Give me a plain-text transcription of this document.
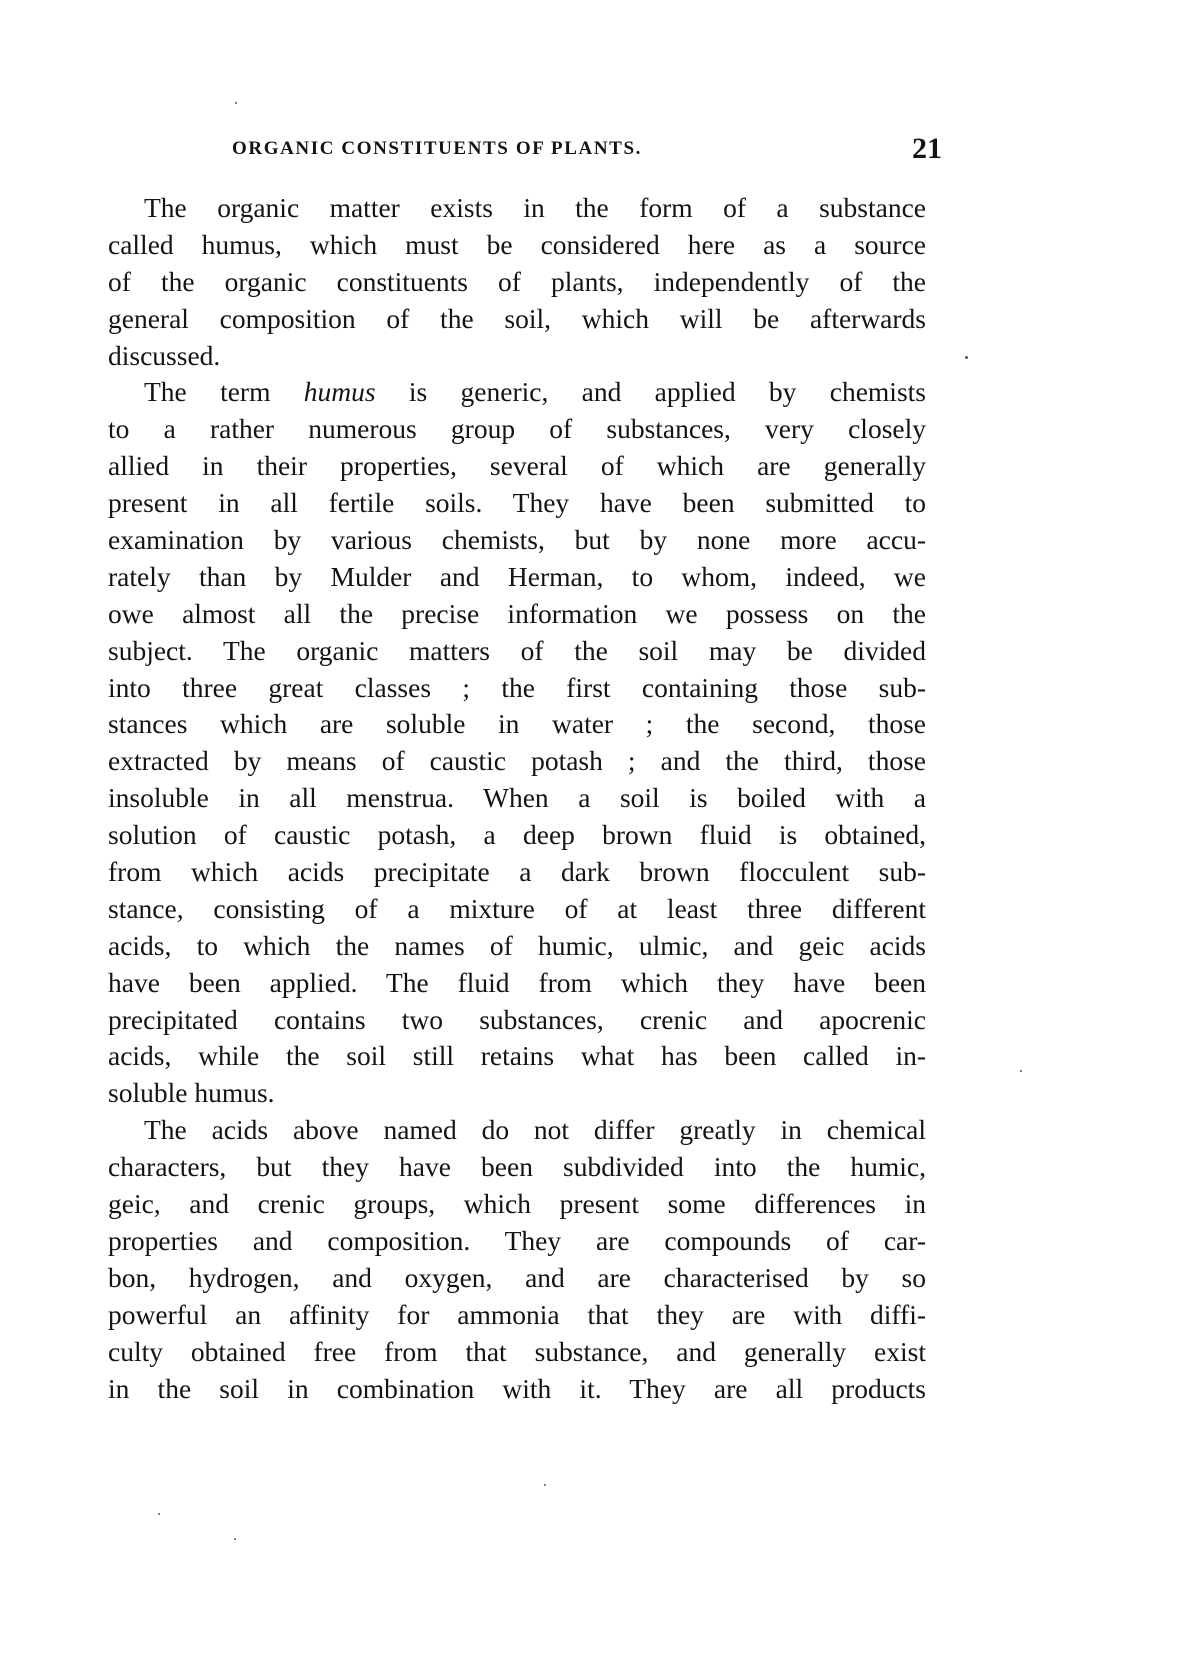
ORGANIC CONSTITUENTS OF PLANTS.	21
The organic matter exists in the form of a substance
called humus, which must be considered here as a source
of the organic constituents of plants, independently of the
general composition of the soil, which will be afterwards
discussed.
The term humus is generic, and applied by chemists
to a rather numerous group of substances, very closely
allied in their properties, several of which are generally
present in all fertile soils. They have been submitted to
examination by various chemists, but by none more accu-
rately than by Mulder and Herman, to whom, indeed, we
owe almost all the precise information we possess on the
subject. The organic matters of the soil may be divided
into three great classes ; the first containing those sub-
stances which are soluble in water ; the second, those
extracted by means of caustic potash ; and the third, those
insoluble in all menstrua. When a soil is boiled with a
solution of caustic potash, a deep brown fluid is obtained,
from which acids precipitate a dark brown flocculent sub-
stance, consisting of a mixture of at least three different
acids, to which the names of humic, ulmic, and geic acids
have been applied. The fluid from which they have been
precipitated contains two substances, crenic and apocrenic
acids, while the soil still retains what has been called in-
soluble humus.
The acids above named do not differ greatly in chemical
characters, but they have been subdivided into the humic,
geic, and crenic groups, which present some differences in
properties and composition. They are compounds of car-
bon, hydrogen, and oxygen, and are characterised by so
powerful an affinity for ammonia that they are with diffi-
culty obtained free from that substance, and generally exist
in the soil in combination with it. They are all products
